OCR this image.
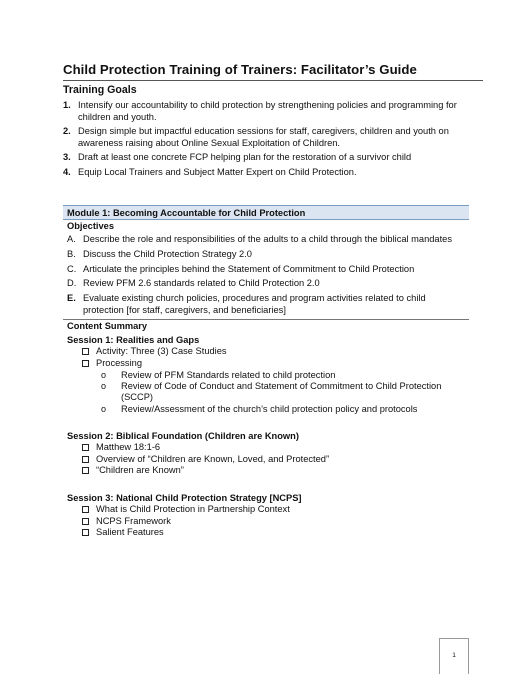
Child Protection Training of Trainers: Facilitator’s Guide
Training Goals
1. Intensify our accountability to child protection by strengthening policies and programming for children and youth.
2. Design simple but impactful education sessions for staff, caregivers, children and youth on awareness raising about Online Sexual Exploitation of Children.
3. Draft at least one concrete FCP helping plan for the restoration of a survivor child
4. Equip Local Trainers and Subject Matter Expert on Child Protection.
Module 1: Becoming Accountable for Child Protection
Objectives
A. Describe the role and responsibilities of the adults to a child through the biblical mandates
B. Discuss the Child Protection Strategy 2.0
C. Articulate the principles behind the Statement of Commitment to Child Protection
D. Review PFM 2.6 standards related to Child Protection 2.0
E. Evaluate existing church policies, procedures and program activities related to child protection [for staff, caregivers, and beneficiaries]
Content Summary
Session 1: Realities and Gaps
Activity: Three (3) Case Studies
Processing
o Review of PFM Standards related to child protection
o Review of Code of Conduct and Statement of Commitment to Child Protection (SCCP)
o Review/Assessment of the church’s child protection policy and protocols
Session 2: Biblical Foundation (Children are Known)
Matthew 18:1-6
Overview of “Children are Known, Loved, and Protected”
“Children are Known”
Session 3: National Child Protection Strategy [NCPS]
What is Child Protection in Partnership Context
NCPS Framework
Salient Features
1
